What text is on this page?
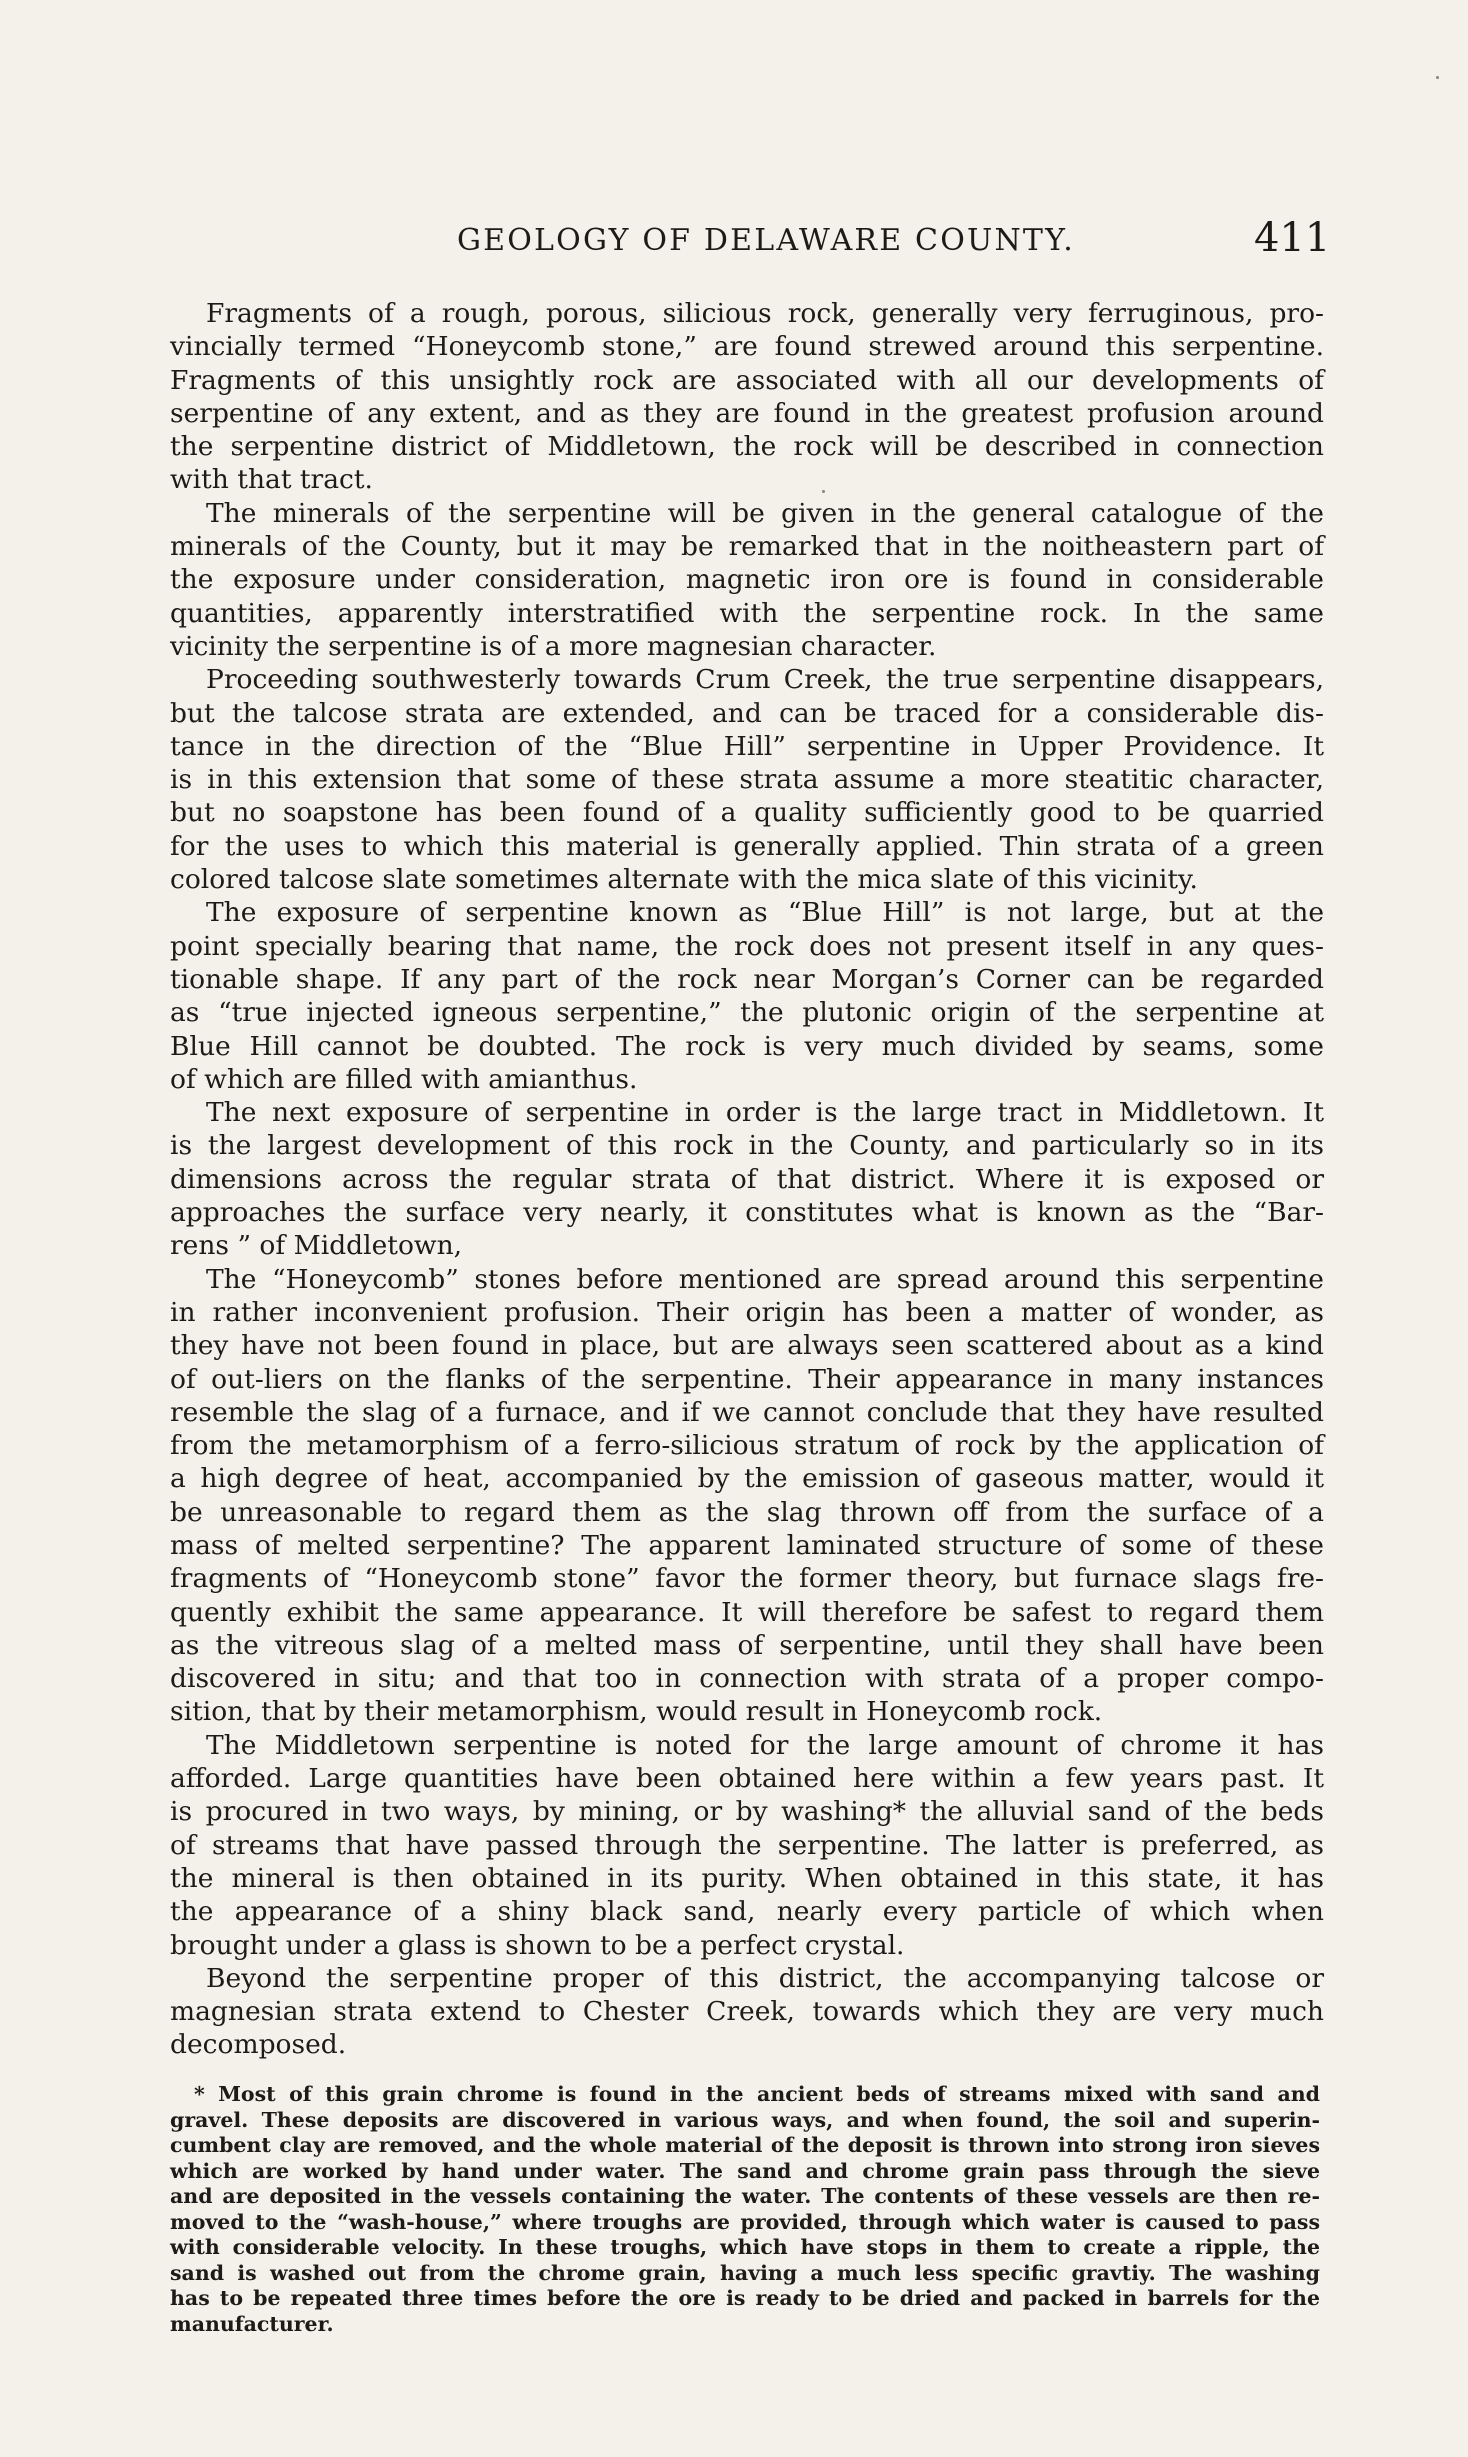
GEOLOGY OF DELAWARE COUNTY.	411
Fragments of a rough, porous, silicious rock, generally very ferruginous, pro-
vincially termed “Honeycomb stone,” are found strewed around this serpentine.
Fragments of this unsightly rock are associated with all our developments of
serpentine of any extent, and as they are found in the greatest profusion around
the serpentine district of Middletown, the rock will be described in connection
with that tract.
The minerals of the serpentine will be given in the general catalogue of the
minerals of the County, but it may be remarked that in the noitheastern part of
the exposure under consideration, magnetic iron ore is found in considerable
quantities, apparently interstratified with the serpentine rock. In the same
vicinity the serpentine is of a more magnesian character.
Proceeding southwesterly towards Crum Creek, the true serpentine disappears,
but the talcose strata are extended, and can be traced for a considerable dis-
tance in the direction of the “Blue Hill” serpentine in Upper Providence. It
is in this extension that some of these strata assume a more steatitic character,
but no soapstone has been found of a quality sufficiently good to be quarried
for the uses to which this material is generally applied. Thin strata of a green
colored talcose slate sometimes alternate with the mica slate of this vicinity.
The exposure of serpentine known as “Blue Hill” is not large, but at the
point specially bearing that name, the rock does not present itself in any ques-
tionable shape. If any part of the rock near Morgan’s Corner can be regarded
as “true injected igneous serpentine,” the plutonic origin of the serpentine at
Blue Hill cannot be doubted. The rock is very much divided by seams, some
of which are filled with amianthus.
The next exposure of serpentine in order is the large tract in Middletown. It
is the largest development of this rock in the County, and particularly so in its
dimensions across the regular strata of that district. Where it is exposed or
approaches the surface very nearly, it constitutes what is known as the “Bar-
rens ” of Middletown,
The “Honeycomb” stones before mentioned are spread around this serpentine
in rather inconvenient profusion. Their origin has been a matter of wonder, as
they have not been found in place, but are always seen scattered about as a kind
of out-liers on the flanks of the serpentine. Their appearance in many instances
resemble the slag of a furnace, and if we cannot conclude that they have resulted
from the metamorphism of a ferro-silicious stratum of rock by the application of
a high degree of heat, accompanied by the emission of gaseous matter, would it
be unreasonable to regard them as the slag thrown off from the surface of a
mass of melted serpentine? The apparent laminated structure of some of these
fragments of “Honeycomb stone” favor the former theory, but furnace slags fre-
quently exhibit the same appearance. It will therefore be safest to regard them
as the vitreous slag of a melted mass of serpentine, until they shall have been
discovered in situ; and that too in connection with strata of a proper compo-
sition, that by their metamorphism, would result in Honeycomb rock.
The Middletown serpentine is noted for the large amount of chrome it has
afforded. Large quantities have been obtained here within a few years past. It
is procured in two ways, by mining, or by washing* the alluvial sand of the beds
of streams that have passed through the serpentine. The latter is preferred, as
the mineral is then obtained in its purity. When obtained in this state, it has
the appearance of a shiny black sand, nearly every particle of which when
brought under a glass is shown to be a perfect crystal.
Beyond the serpentine proper of this district, the accompanying talcose or
magnesian strata extend to Chester Creek, towards which they are very much
decomposed.
* Most of this grain chrome is found in the ancient beds of streams mixed with sand and
gravel. These deposits are discovered in various ways, and when found, the soil and superin-
cumbent clay are removed, and the whole material of the deposit is thrown into strong iron sieves
which are worked by hand under water. The sand and chrome grain pass through the sieve
and are deposited in the vessels containing the water. The contents of these vessels are then re-
moved to the “wash-house,” where troughs are provided, through which water is caused to pass
with considerable velocity. In these troughs, which have stops in them to create a ripple, the
sand is washed out from the chrome grain, having a much less specific gravtiy. The washing
has to be repeated three times before the ore is ready to be dried and packed in barrels for the
manufacturer.
